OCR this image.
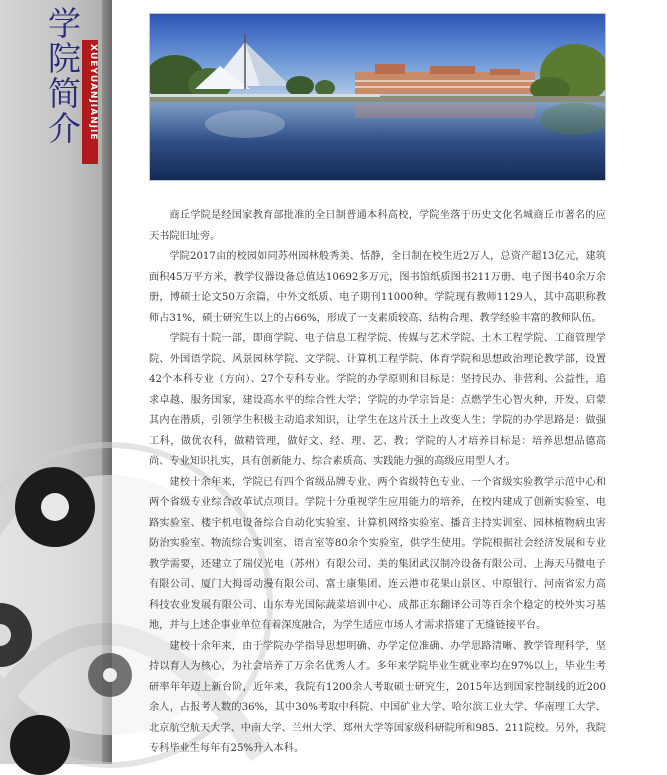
学院简介 XUEYUANJIANJIE

商丘学院是经国家教育部批准的全日制普通本科高校，学院坐落于历史文化名城商丘市著名的应天书院旧址旁。

学院2017亩的校园如同苏州园林般秀美、恬静，全日制在校生近2万人，总资产超13亿元，建筑面积45万平方米，教学仪器设备总值达10692多万元，图书馆纸质图书211万册、电子图书40余万余册，博硕士论文50万余篇，中外文纸质、电子期刊11000种。学院现有教师1129人，其中高职称教师占31%，硕士研究生以上的占66%，形成了一支素质较高、结构合理、教学经验丰富的教师队伍。

学院有十院一部，即商学院、电子信息工程学院、传媒与艺术学院、土木工程学院、工商管理学院、外国语学院、风景园林学院、文学院、计算机工程学院、体育学院和思想政治理论教学部，设置42个本科专业（方向）、27个专科专业。学院的办学原则和目标是：坚持民办、非营利、公益性，追求卓越、服务国家，建设高水平的综合性大学；学院的办学宗旨是：点燃学生心智火种，开发、启蒙其内在潜质，引领学生积极主动追求知识，让学生在这片沃土上改变人生；学院的办学思路是：做强工科，做优农科，做精管理，做好文、经、理、艺、教；学院的人才培养目标是：培养思想品德高尚、专业知识扎实，具有创新能力、综合素质高、实践能力强的高级应用型人才。

建校十余年来，学院已有四个省级品牌专业、两个省级特色专业、一个省级实验教学示范中心和两个省级专业综合改革试点项目。学院十分重视学生应用能力的培养，在校内建成了创新实验室、电路实验室、楼宇机电设备综合自动化实验室、计算机网络实验室、播音主持实训室、园林植物病虫害防治实验室、物流综合实训室、语言室等80余个实验室，供学生使用。学院根据社会经济发展和专业教学需要，还建立了瑞仪光电（苏州）有限公司、美的集团武汉制冷设备有限公司、上海天马微电子有限公司、厦门大拇哥动漫有限公司、富士康集团、连云港市花果山景区、中原银行、河南省宏力高科技农业发展有限公司、山东寿光国际蔬菜培训中心、成都正东翻译公司等百余个稳定的校外实习基地，并与上述企事业单位有着深度融合，为学生适应市场人才需求搭建了无缝链接平台。

建校十余年来，由于学院办学指导思想明确、办学定位准确、办学思路清晰、教学管理科学，坚持以育人为核心，为社会培养了万余名优秀人才。多年来学院毕业生就业率均在97%以上，毕业生考研率年年迈上新台阶，近年来，我院有1200余人考取硕士研究生，2015年达到国家控制线的近200余人，占报考人数的36%，其中30%考取中科院、中国矿业大学、哈尔滨工业大学、华南理工大学、北京航空航天大学、中南大学、兰州大学、郑州大学等国家级科研院所和985、211院校。另外，我院专科毕业生每年有25%升入本科。
